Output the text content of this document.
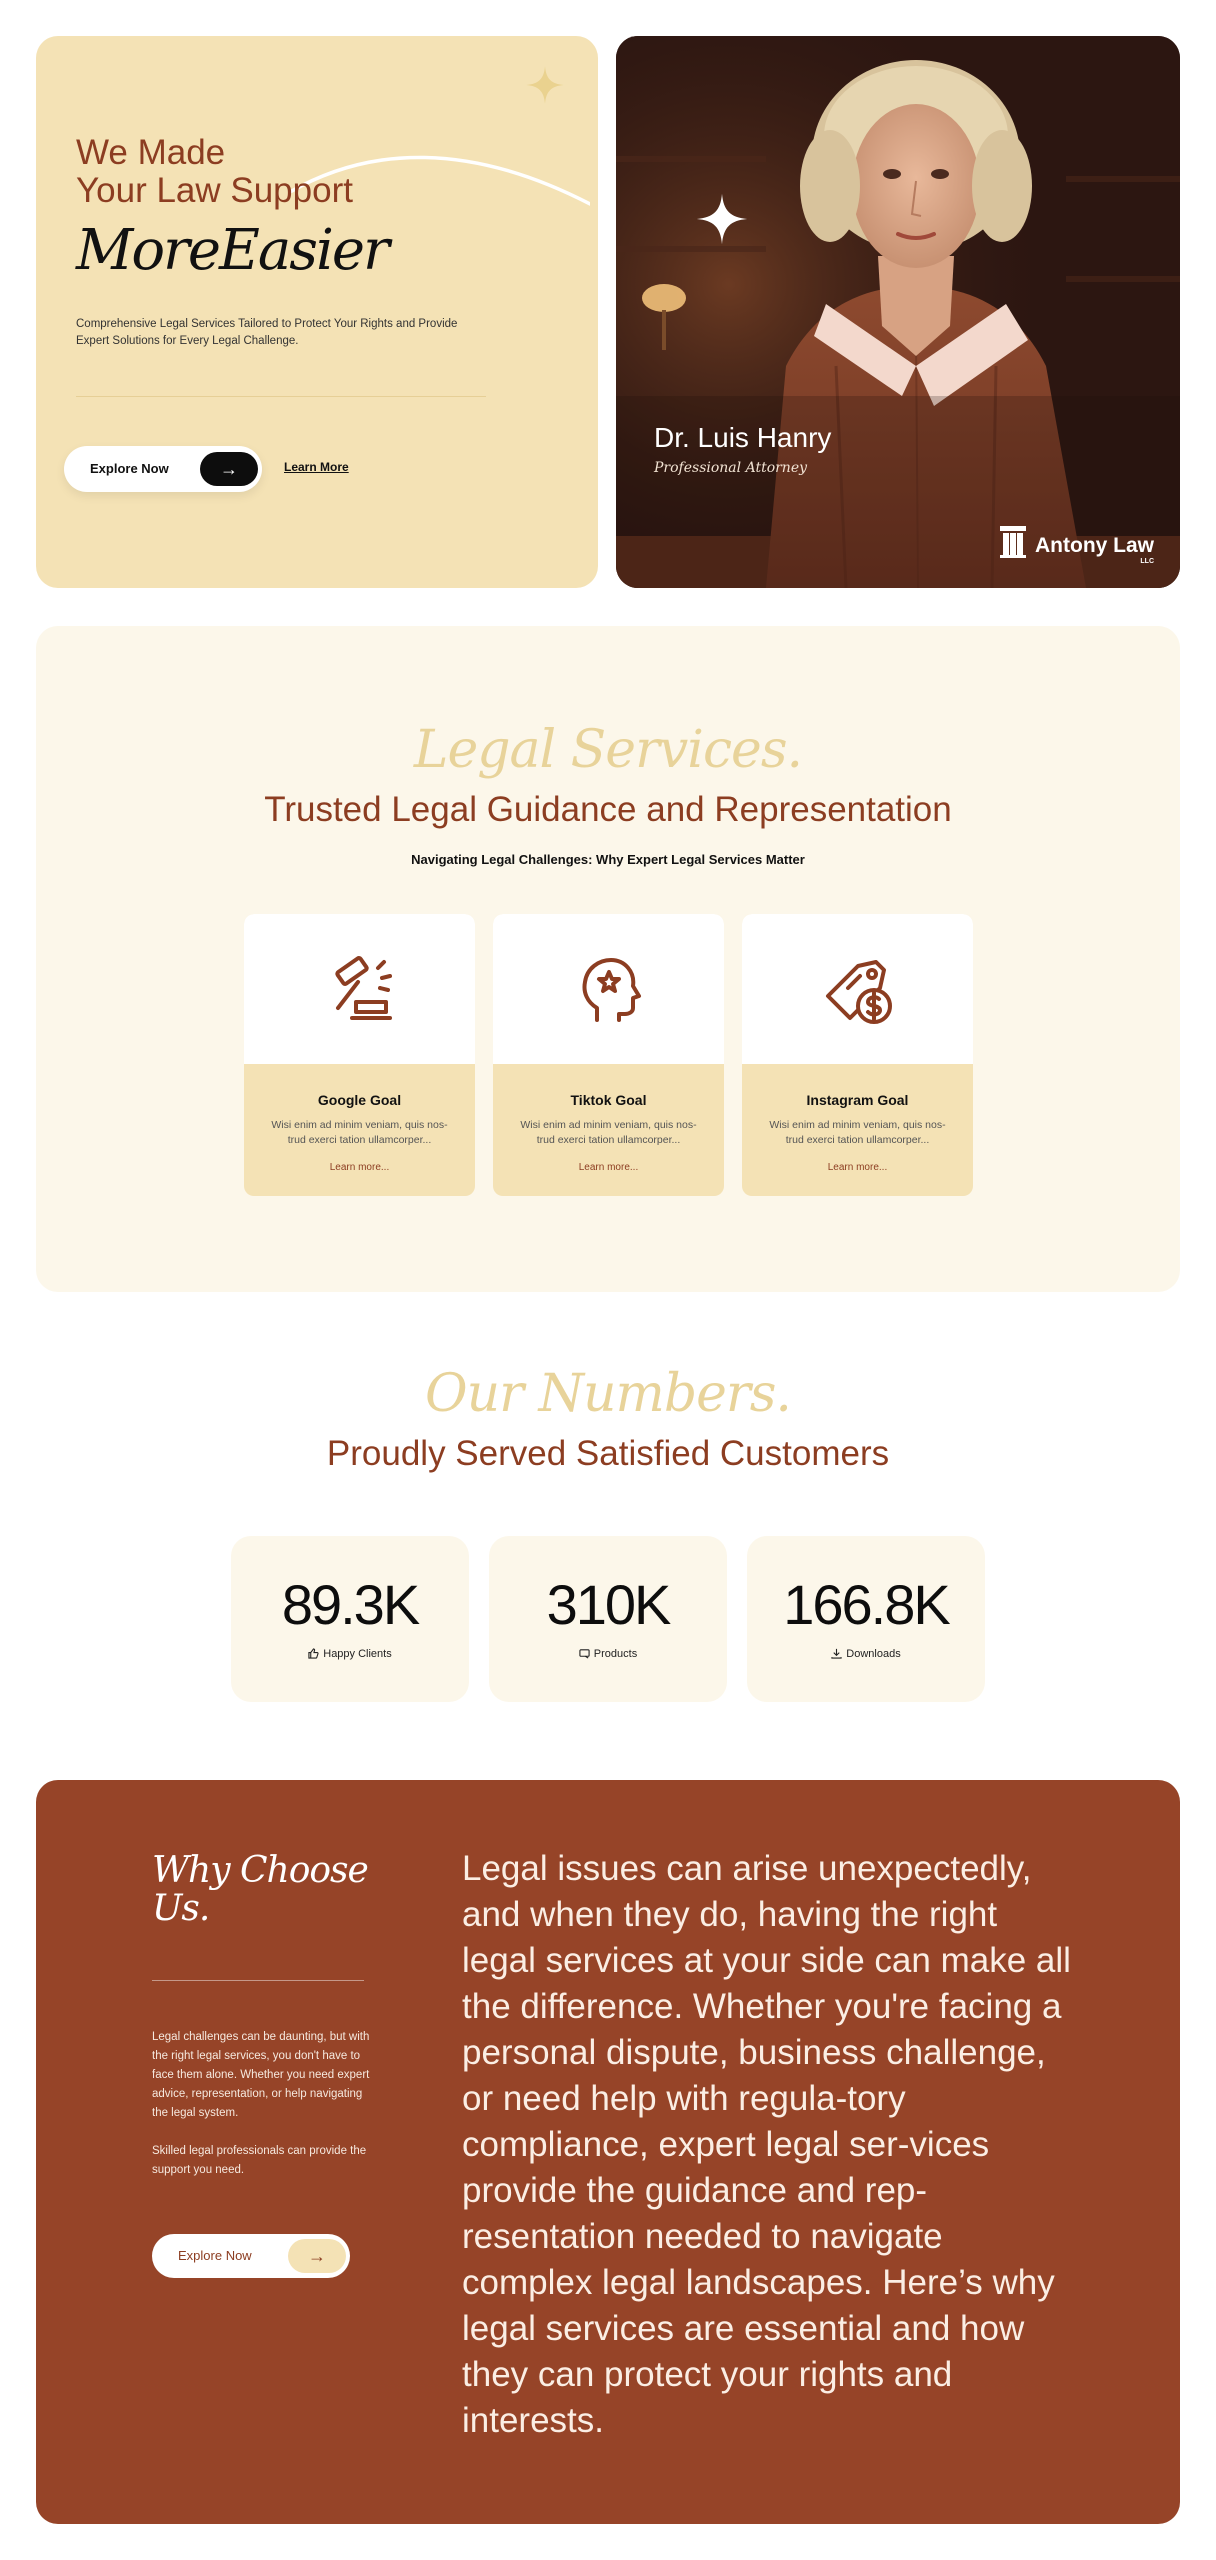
We Made
Your Law Support
MoreEasier
Comprehensive Legal Services Tailored to Protect Your Rights and Provide Expert Solutions for Every Legal Challenge.
Explore Now	→	Learn More
Dr. Luis Hanry
Professional Attorney
Antony Law
LLC
Legal Services.
Trusted Legal Guidance and Representation
Navigating Legal Challenges: Why Expert Legal Services Matter
Google Goal
Wisi enim ad minim veniam, quis nos-trud exerci tation ullamcorper...
Learn more...
Tiktok Goal
Wisi enim ad minim veniam, quis nos-trud exerci tation ullamcorper...
Learn more...
Instagram Goal
Wisi enim ad minim veniam, quis nos-trud exerci tation ullamcorper...
Learn more...
Our Numbers.
Proudly Served Satisfied Customers
89.3K
Happy Clients
310K
Products
166.8K
Downloads
Why Choose
Us.
Legal challenges can be daunting, but with the right legal services, you don't have to face them alone. Whether you need expert advice, representation, or help navigating the legal system.
Skilled legal professionals can provide the support you need.
Explore Now	→
Legal issues can arise unexpectedly, and when they do, having the right legal services at your side can make all the difference. Whether you're facing a personal dispute, business challenge, or need help with regula-tory compliance, expert legal ser-vices provide the guidance and rep-resentation needed to navigate complex legal landscapes. Here’s why legal services are essential and how they can protect your rights and interests.
